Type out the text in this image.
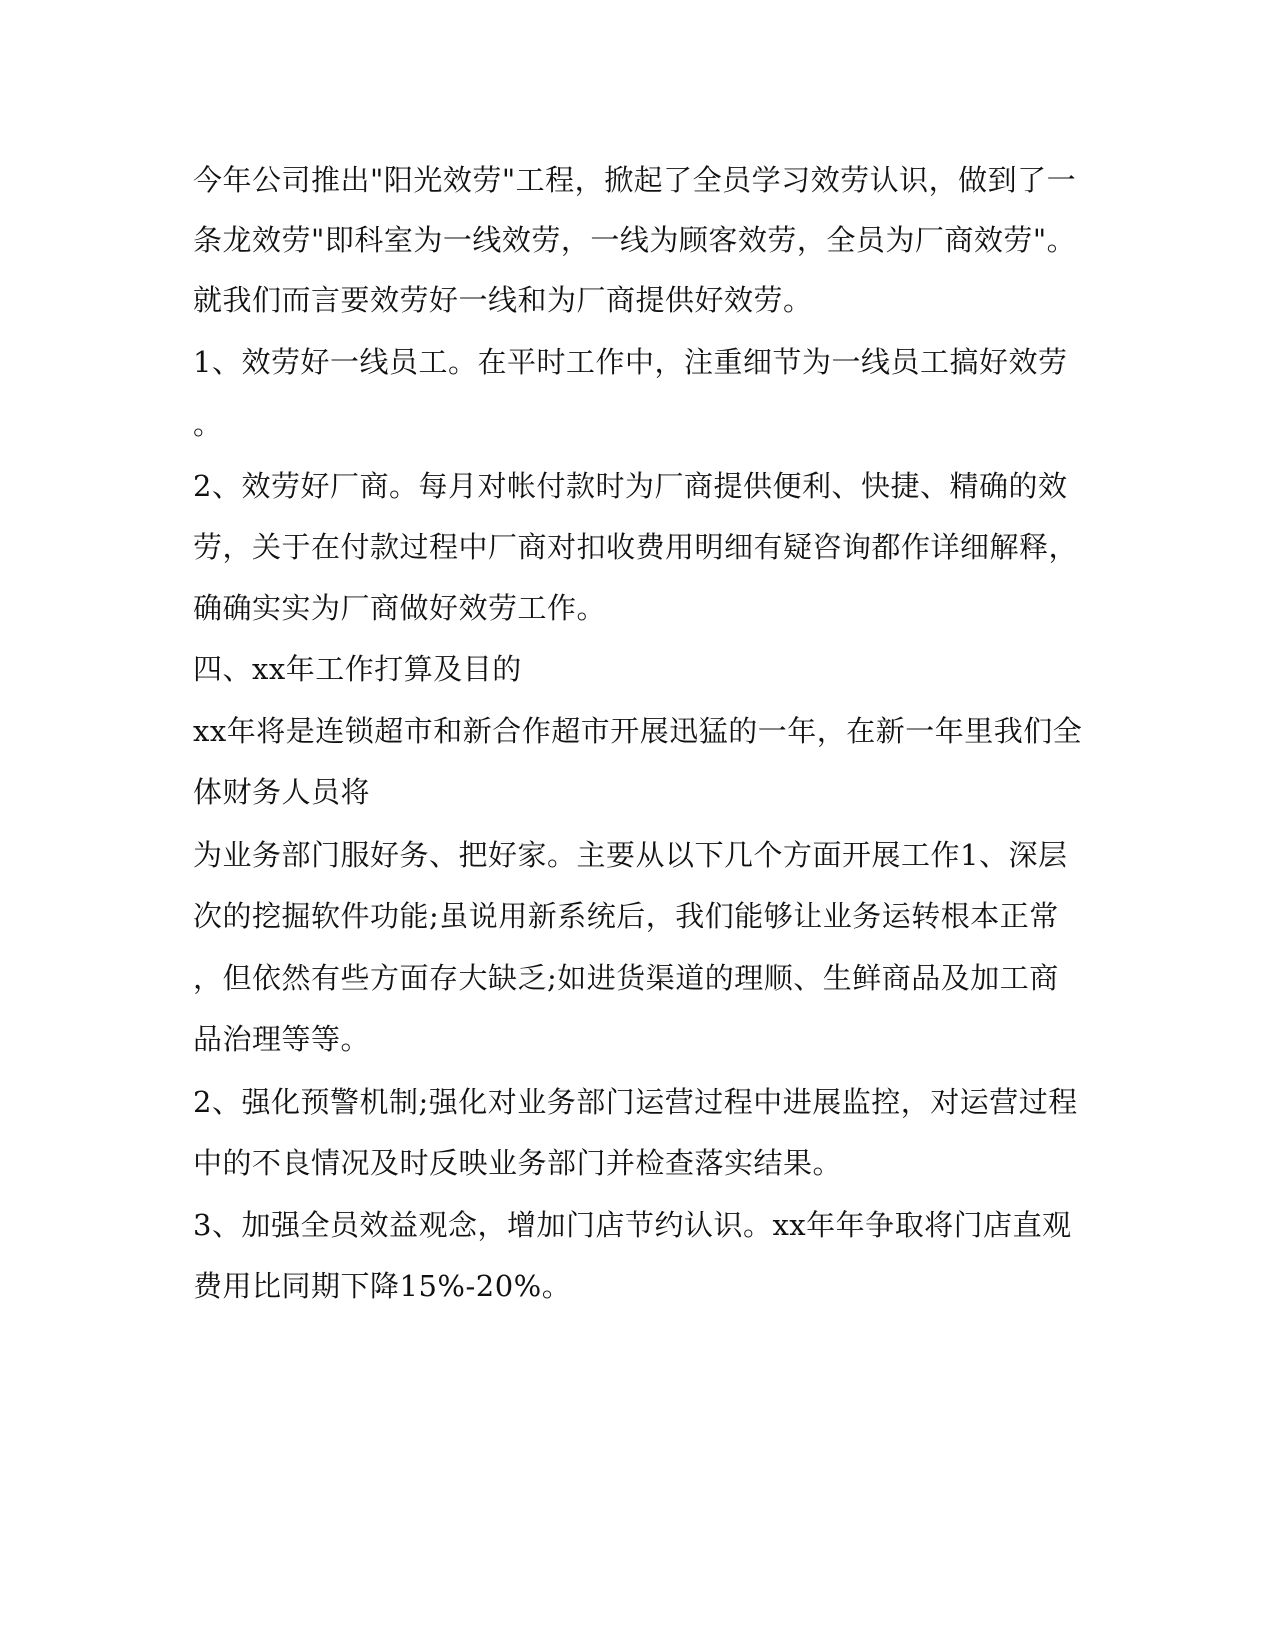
今年公司推出"阳光效劳"工程，掀起了全员学习效劳认识，做到了一
条龙效劳"即科室为一线效劳，一线为顾客效劳，全员为厂商效劳"。
就我们而言要效劳好一线和为厂商提供好效劳。
1、效劳好一线员工。在平时工作中，注重细节为一线员工搞好效劳
。
2、效劳好厂商。每月对帐付款时为厂商提供便利、快捷、精确的效
劳，关于在付款过程中厂商对扣收费用明细有疑咨询都作详细解释，
确确实实为厂商做好效劳工作。
四、xx年工作打算及目的
xx年将是连锁超市和新合作超市开展迅猛的一年，在新一年里我们全
体财务人员将
为业务部门服好务、把好家。主要从以下几个方面开展工作1、深层
次的挖掘软件功能;虽说用新系统后，我们能够让业务运转根本正常
，但依然有些方面存大缺乏;如进货渠道的理顺、生鲜商品及加工商
品治理等等。
2、强化预警机制;强化对业务部门运营过程中进展监控，对运营过程
中的不良情况及时反映业务部门并检查落实结果。
3、加强全员效益观念，增加门店节约认识。xx年年争取将门店直观
费用比同期下降15%-20%。
